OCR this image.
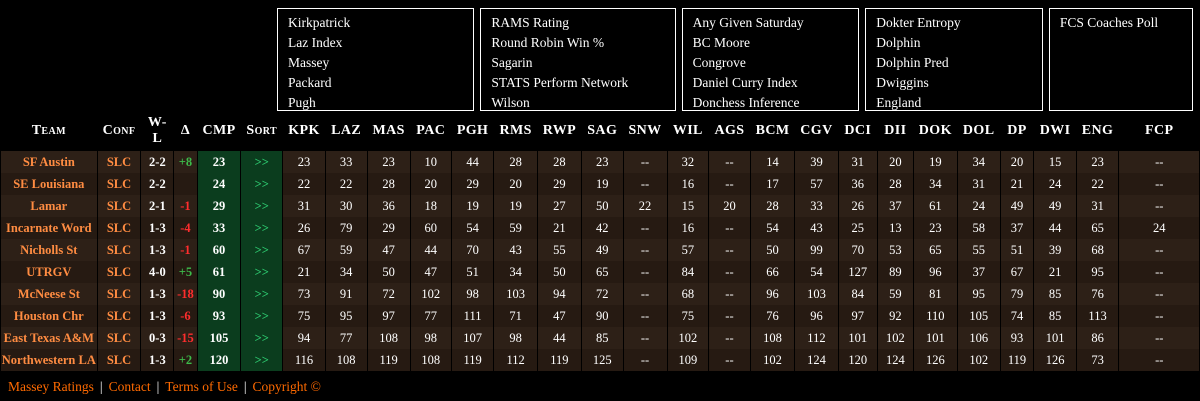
Kirkpatrick
Laz Index
Massey
Packard
Pugh
RAMS Rating
Round Robin Win %
Sagarin
STATS Perform Network
Wilson
Any Given Saturday
BC Moore
Congrove
Daniel Curry Index
Donchess Inference
Dokter Entropy
Dolphin
Dolphin Pred
Dwiggins
England
FCS Coaches Poll
Team	Conf	W-L	Δ	CMP	Sort	KPK	LAZ	MAS	PAC	PGH	RMS	RWP	SAG	SNW	WIL	AGS	BCM	CGV	DCI	DII	DOK	DOL	DP	DWI	ENG	FCP
SF Austin	SLC	2-2	+8	23	>>	23	33	23	10	44	28	28	23	--	32	--	14	39	31	20	19	34	20	15	23	--
SE Louisiana	SLC	2-2		24	>>	22	22	28	20	29	20	29	19	--	16	--	17	57	36	28	34	31	21	24	22	--
Lamar	SLC	2-1	-1	29	>>	31	30	36	18	19	19	27	50	22	15	20	28	33	26	37	61	24	49	49	31	--
Incarnate Word	SLC	1-3	-4	33	>>	26	79	29	60	54	59	21	42	--	16	--	54	43	25	13	23	58	37	44	65	24
Nicholls St	SLC	1-3	-1	60	>>	67	59	47	44	70	43	55	49	--	57	--	50	99	70	53	65	55	51	39	68	--
UTRGV	SLC	4-0	+5	61	>>	21	34	50	47	51	34	50	65	--	84	--	66	54	127	89	96	37	67	21	95	--
McNeese St	SLC	1-3	-18	90	>>	73	91	72	102	98	103	94	72	--	68	--	96	103	84	59	81	95	79	85	76	--
Houston Chr	SLC	1-3	-6	93	>>	75	95	97	77	111	71	47	90	--	75	--	76	96	97	92	110	105	74	85	113	--
East Texas A&M	SLC	0-3	-15	105	>>	94	77	108	98	107	98	44	85	--	102	--	108	112	101	102	101	106	93	101	86	--
Northwestern LA	SLC	1-3	+2	120	>>	116	108	119	108	119	112	119	125	--	109	--	102	124	120	124	126	102	119	126	73	--
Massey Ratings | Contact | Terms of Use | Copyright ©
